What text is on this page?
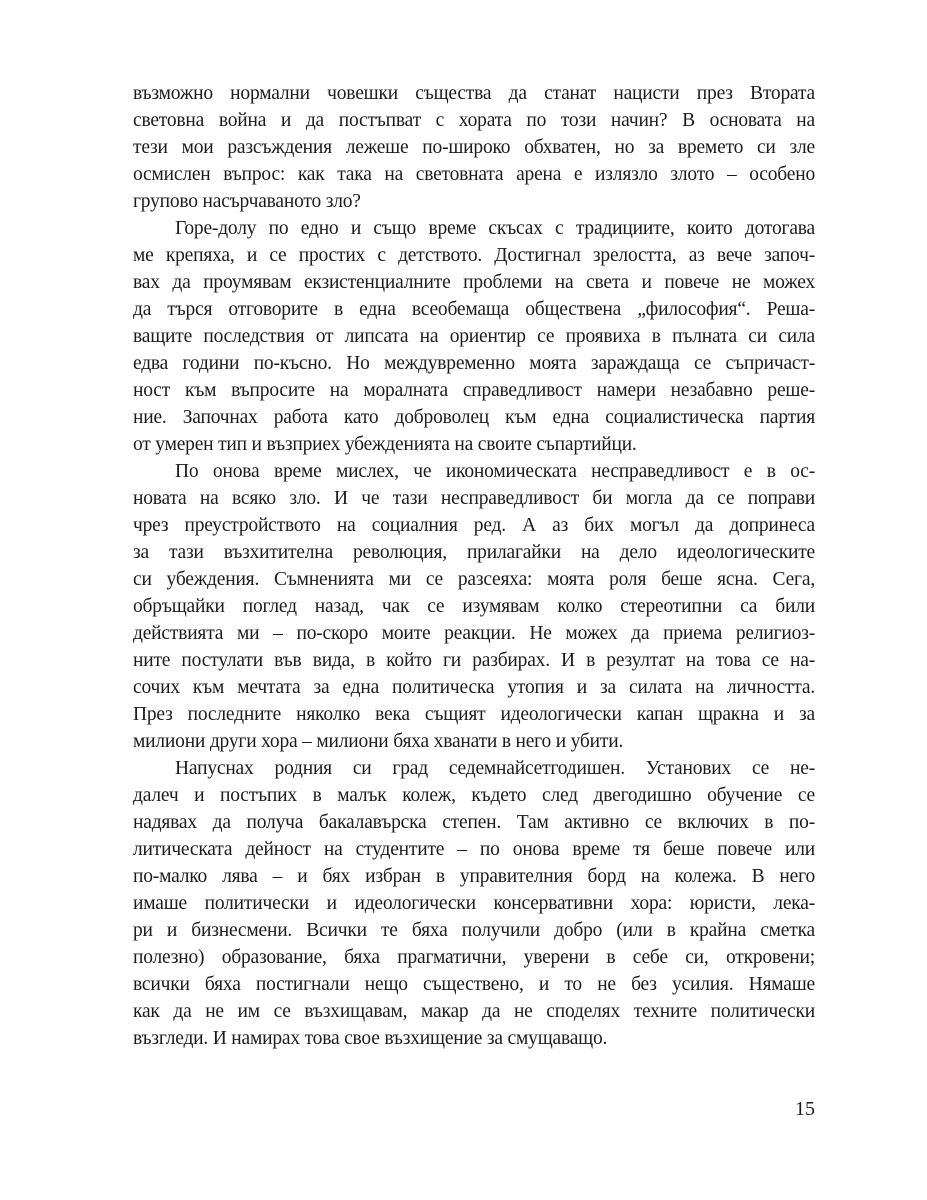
възможно нормални човешки същества да станат нацисти през Втората
световна война и да постъпват с хората по този начин? В основата на
тези мои разсъждения лежеше по-широко обхватен, но за времето си зле
осмислен въпрос: как така на световната арена е излязло злото – особено
групово насърчаваното зло?
Горе-долу по едно и също време скъсах с традициите, които дотогава
ме крепяха, и се простих с детството. Достигнал зрелостта, аз вече започ-
вах да проумявам екзистенциалните проблеми на света и повече не можех
да търся отговорите в една всеобемаща обществена „философия“. Реша-
ващите последствия от липсата на ориентир се проявиха в пълната си сила
едва години по-късно. Но междувременно моята зараждаща се съпричаст-
ност към въпросите на моралната справедливост намери незабавно реше-
ние. Започнах работа като доброволец към една социалистическа партия
от умерен тип и възприех убежденията на своите съпартийци.
По онова време мислех, че икономическата несправедливост е в ос-
новата на всяко зло. И че тази несправедливост би могла да се поправи
чрез преустройството на социалния ред. А аз бих могъл да допринеса
за тази възхитителна революция, прилагайки на дело идеологическите
си убеждения. Съмненията ми се разсеяха: моята роля беше ясна. Сега,
обръщайки поглед назад, чак се изумявам колко стереотипни са били
действията ми – по-скоро моите реакции. Не можех да приема религиоз-
ните постулати във вида, в който ги разбирах. И в резултат на това се на-
сочих към мечтата за една политическа утопия и за силата на личността.
През последните няколко века същият идеологически капан щракна и за
милиони други хора – милиони бяха хванати в него и убити.
Напуснах родния си град седемнайсетгодишен. Установих се не-
далеч и постъпих в малък колеж, където след двегодишно обучение се
надявах да получа бакалавърска степен. Там активно се включих в по-
литическата дейност на студентите – по онова време тя беше повече или
по-малко лява – и бях избран в управителния борд на колежа. В него
имаше политически и идеологически консервативни хора: юристи, лека-
ри и бизнесмени. Всички те бяха получили добро (или в крайна сметка
полезно) образование, бяха прагматични, уверени в себе си, откровени;
всички бяха постигнали нещо съществено, и то не без усилия. Нямаше
как да не им се възхищавам, макар да не споделях техните политически
възгледи. И намирах това свое възхищение за смущаващо.
15
